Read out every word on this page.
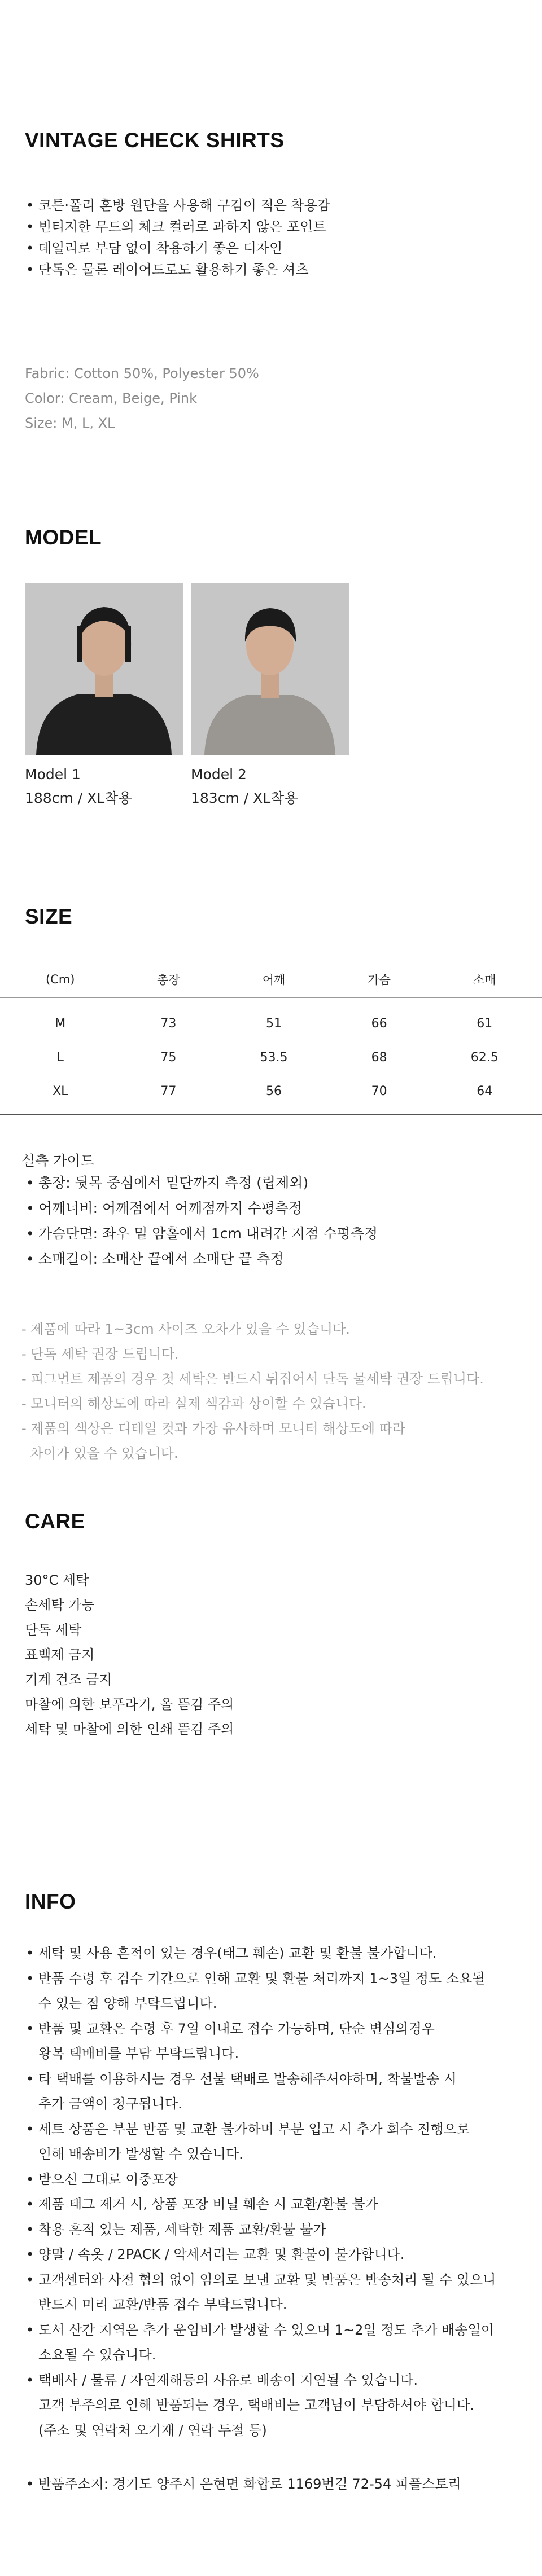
VINTAGE CHECK SHIRTS
• 코튼·폴리 혼방 원단을 사용해 구김이 적은 착용감
• 빈티지한 무드의 체크 컬러로 과하지 않은 포인트
• 데일리로 부담 없이 착용하기 좋은 디자인
• 단독은 물론 레이어드로도 활용하기 좋은 셔츠

Fabric: Cotton 50%, Polyester 50%

Color: Cream, Beige, Pink

Size: M, L, XL

MODEL
Model 1
188cm / XL착용
Model 2
183cm / XL착용
SIZE
(Cm)	총장	어깨	가슴	소매
M	73	51	66	61
L	75	53.5	68	62.5
XL	77	56	70	64

실측 가이드

• 총장: 뒷목 중심에서 밑단까지 측정 (립제외)
• 어깨너비: 어깨점에서 어깨점까지 수평측정
• 가슴단면: 좌우 밑 암홀에서 1cm 내려간 지점 수평측정
• 소매길이: 소매산 끝에서 소매단 끝 측정

- 제품에 따라 1~3cm 사이즈 오차가 있을 수 있습니다.

- 단독 세탁 권장 드립니다.

- 피그먼트 제품의 경우 첫 세탁은 반드시 뒤집어서 단독 물세탁 권장 드립니다.

- 모니터의 해상도에 따라 실제 색감과 상이할 수 있습니다.

- 제품의 색상은 디테일 컷과 가장 유사하며 모니터 해상도에 따라

차이가 있을 수 있습니다.

CARE

30°C 세탁

손세탁 가능

단독 세탁

표백제 금지

기계 건조 금지

마찰에 의한 보푸라기, 올 뜯김 주의

세탁 및 마찰에 의한 인쇄 뜯김 주의

INFO
• 세탁 및 사용 흔적이 있는 경우(태그 훼손) 교환 및 환불 불가합니다.
• 반품 수령 후 검수 기간으로 인해 교환 및 환불 처리까지 1~3일 정도 소요될
수 있는 점 양해 부탁드립니다.
• 반품 및 교환은 수령 후 7일 이내로 접수 가능하며, 단순 변심의경우
왕복 택배비를 부담 부탁드립니다.
• 타 택배를 이용하시는 경우 선불 택배로 발송해주셔야하며, 착불발송 시
추가 금액이 청구됩니다.
• 세트 상품은 부분 반품 및 교환 불가하며 부분 입고 시 추가 회수 진행으로
인해 배송비가 발생할 수 있습니다.
• 받으신 그대로 이중포장
• 제품 태그 제거 시, 상품 포장 비닐 훼손 시 교환/환불 불가
• 착용 흔적 있는 제품, 세탁한 제품 교환/환불 불가
• 양말 / 속옷 / 2PACK / 악세서리는 교환 및 환불이 불가합니다.
• 고객센터와 사전 협의 없이 임의로 보낸 교환 및 반품은 반송처리 될 수 있으니
반드시 미리 교환/반품 접수 부탁드립니다.
• 도서 산간 지역은 추가 운임비가 발생할 수 있으며 1~2일 정도 추가 배송일이
소요될 수 있습니다.
• 택배사 / 물류 / 자연재해등의 사유로 배송이 지연될 수 있습니다.
고객 부주의로 인해 반품되는 경우, 택배비는 고객님이 부담하셔야 합니다.
(주소 및 연락처 오기재 / 연락 두절 등)
• 반품주소지: 경기도 양주시 은현면 화합로 1169번길 72-54 피플스토리
